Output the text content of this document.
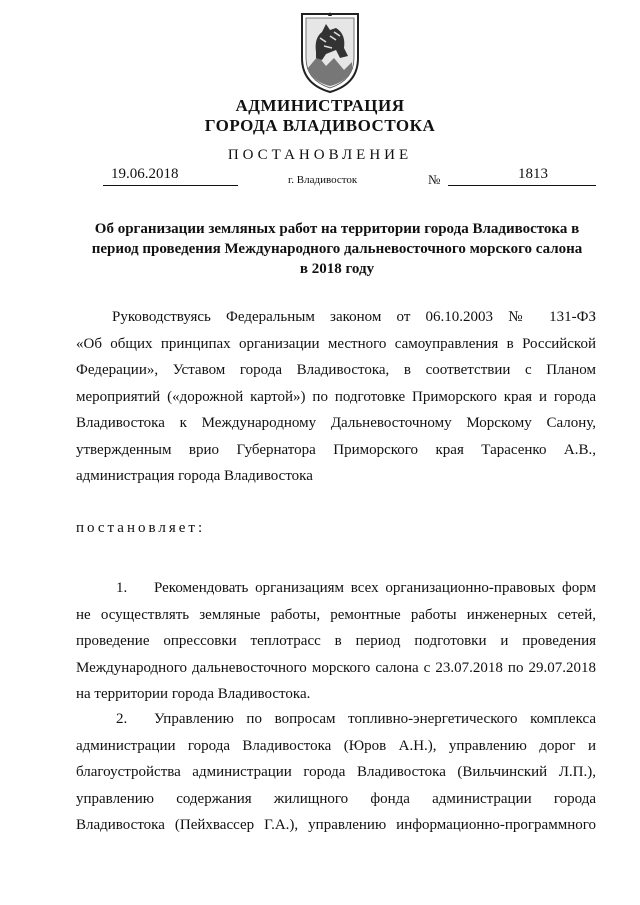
АДМИНИСТРАЦИЯ
ГОРОДА ВЛАДИВОСТОКА
ПОСТАНОВЛЕНИЕ
19.06.2018	г. Владивосток	№	1813
Об организации земляных работ на территории города Владивостока в
период проведения Международного дальневосточного морского салона
в 2018 году
Руководствуясь Федеральным законом от 06.10.2003 № 131-ФЗ
«Об общих принципах организации местного самоуправления в Российской
Федерации», Уставом города Владивостока, в соответствии с Планом
мероприятий («дорожной картой») по подготовке Приморского края и города
Владивостока к Международному Дальневосточному Морскому Салону,
утвержденным врио Губернатора Приморского края Тарасенко А.В.,
администрация города Владивостока
постановляет:
1. Рекомендовать организациям всех организационно-правовых форм
не осуществлять земляные работы, ремонтные работы инженерных сетей,
проведение опрессовки теплотрасс в период подготовки и проведения
Международного дальневосточного морского салона с 23.07.2018 по 29.07.2018
на территории города Владивостока.
2. Управлению по вопросам топливно-энергетического комплекса
администрации города Владивостока (Юров А.Н.), управлению дорог и
благоустройства администрации города Владивостока (Вильчинский Л.П.),
управлению содержания жилищного фонда администрации города
Владивостока (Пейхвассер Г.А.), управлению информационно-программного
